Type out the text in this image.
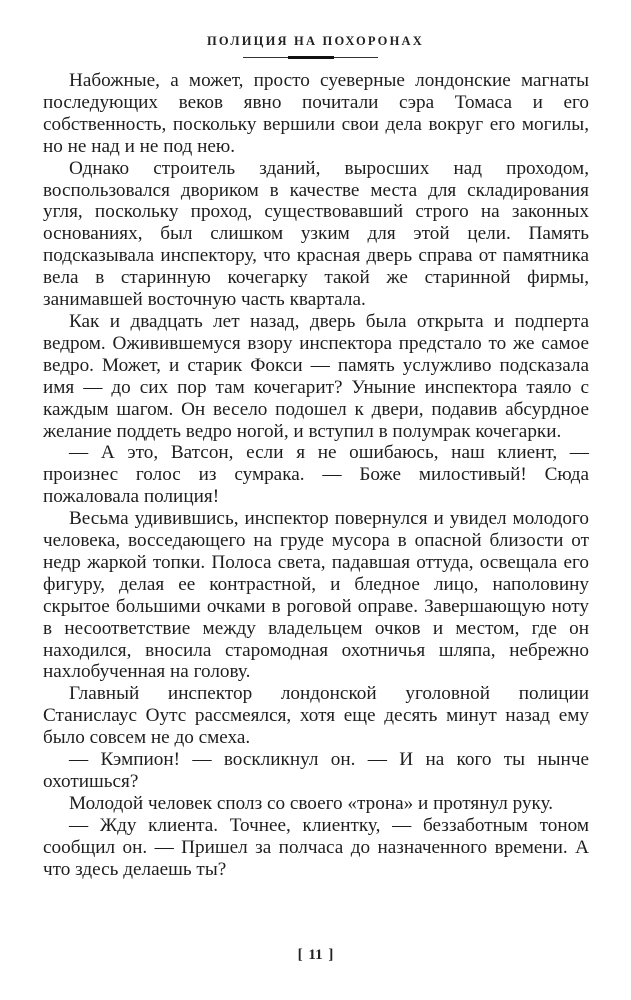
ПОЛИЦИЯ НА ПОХОРОНАХ

Набожные, а может, просто суеверные лондонские магнаты последующих веков явно почитали сэра Томаса и его собственность, поскольку вершили свои дела вокруг его могилы, но не над и не под нею.

Однако строитель зданий, выросших над проходом, воспользовался двориком в качестве места для складирования угля, поскольку проход, существовавший строго на законных основаниях, был слишком узким для этой цели. Память подсказывала инспектору, что красная дверь справа от памятника вела в старинную кочегарку такой же старинной фирмы, занимавшей восточную часть квартала.

Как и двадцать лет назад, дверь была открыта и подперта ведром. Оживившемуся взору инспектора предстало то же самое ведро. Может, и старик Фокси — память услужливо подсказала имя — до сих пор там кочегарит? Уныние инспектора таяло с каждым шагом. Он весело подошел к двери, подавив абсурдное желание поддеть ведро ногой, и вступил в полумрак кочегарки.

— А это, Ватсон, если я не ошибаюсь, наш клиент, — произнес голос из сумрака. — Боже милостивый! Сюда пожаловала полиция!

Весьма удивившись, инспектор повернулся и увидел молодого человека, восседающего на груде мусора в опасной близости от недр жаркой топки. Полоса света, падавшая оттуда, освещала его фигуру, делая ее контрастной, и бледное лицо, наполовину скрытое большими очками в роговой оправе. Завершающую ноту в несоответствие между владельцем очков и местом, где он находился, вносила старомодная охотничья шляпа, небрежно нахлобученная на голову.

Главный инспектор лондонской уголовной полиции Станислаус Оутс рассмеялся, хотя еще десять минут назад ему было совсем не до смеха.

— Кэмпион! — воскликнул он. — И на кого ты нынче охотишься?

Молодой человек сполз со своего «трона» и протянул руку.

— Жду клиента. Точнее, клиентку, — беззаботным тоном сообщил он. — Пришел за полчаса до назначенного времени. А что здесь делаешь ты?

[ 11 ]
